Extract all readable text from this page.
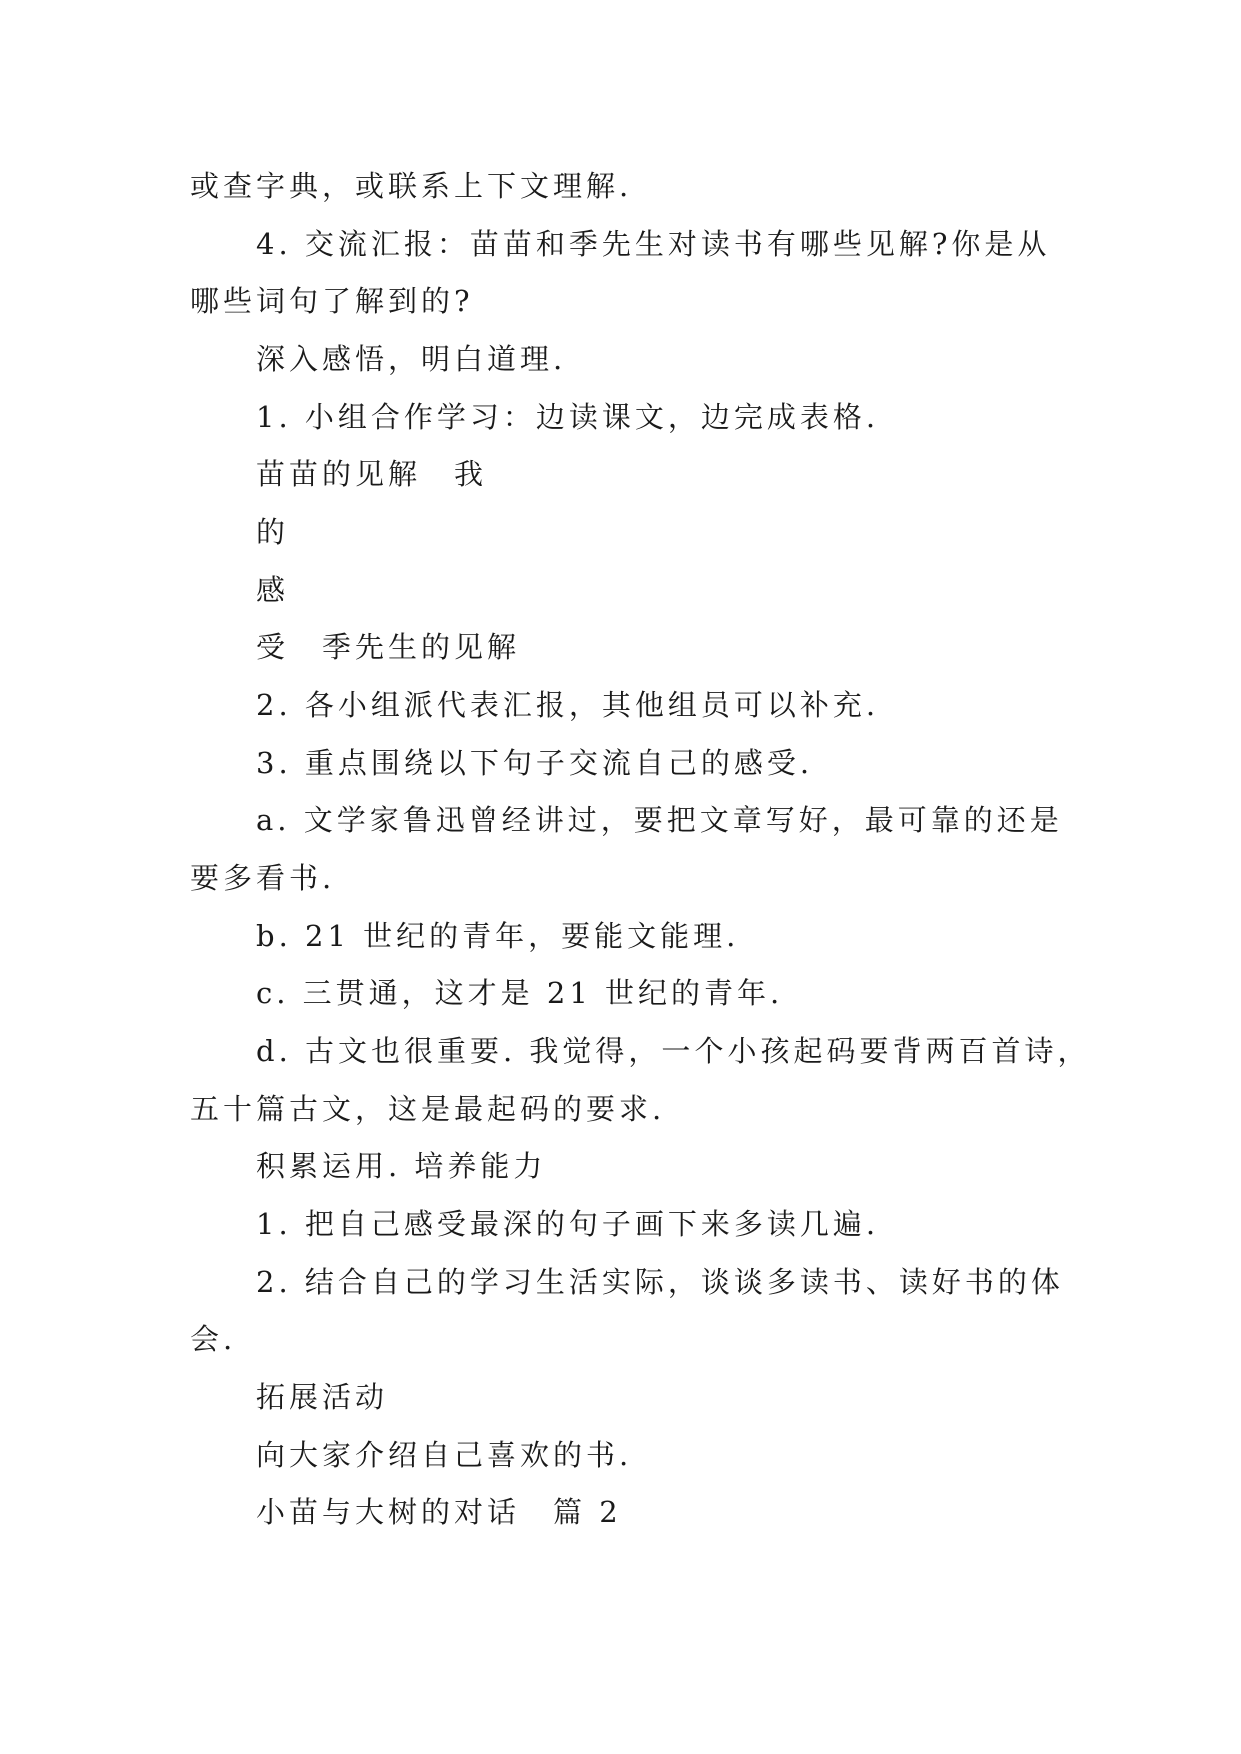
或查字典，或联系上下文理解.
4. 交流汇报：苗苗和季先生对读书有哪些见解?你是从
哪些词句了解到的?
深入感悟，明白道理.
1. 小组合作学习：边读课文，边完成表格.
苗苗的见解　我
的
感
受　季先生的见解
2. 各小组派代表汇报，其他组员可以补充.
3. 重点围绕以下句子交流自己的感受.
a. 文学家鲁迅曾经讲过，要把文章写好，最可靠的还是
要多看书.
b. 21 世纪的青年，要能文能理.
c. 三贯通，这才是 21 世纪的青年.
d. 古文也很重要. 我觉得，一个小孩起码要背两百首诗，
五十篇古文，这是最起码的要求.
积累运用. 培养能力
1. 把自己感受最深的句子画下来多读几遍.
2. 结合自己的学习生活实际，谈谈多读书、读好书的体
会.
拓展活动
向大家介绍自己喜欢的书.
小苗与大树的对话　篇 2
